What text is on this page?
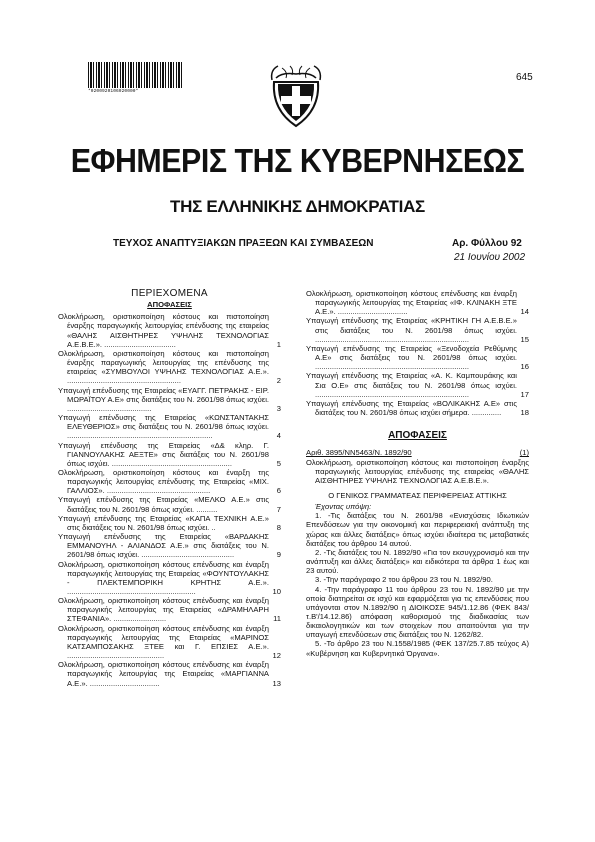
*0200920106020000*
645
ΕΦΗΜΕΡΙΣ ΤΗΣ ΚΥΒΕΡΝΗΣΕΩΣ
ΤΗΣ ΕΛΛΗΝΙΚΗΣ ΔΗΜΟΚΡΑΤΙΑΣ
ΤΕΥΧΟΣ ΑΝΑΠΤΥΞΙΑΚΩΝ ΠΡΑΞΕΩΝ ΚΑΙ ΣΥΜΒΑΣΕΩΝ	Αρ. Φύλλου 92
21 Ιουνίου 2002
ΠΕΡΙΕΧΟΜΕΝΑ
ΑΠΟΦΑΣΕΙΣ
Ολοκλήρωση, οριστικοποίηση κόστους και πιστοποίηση έναρξης παραγωγικής λειτουργίας επένδυσης της εταιρείας «ΘΑΛΗΣ ΑΙΣΘΗΤΗΡΕΣ ΥΨΗΛΗΣ ΤΕΧΝΟΛΟΓΙΑΣ Α.Ε.Β.Ε.». ..................................	1
Ολοκλήρωση, οριστικοποίηση κόστους και πιστοποίηση έναρξης παραγωγικής λειτουργίας της επένδυσης της εταιρείας «ΣΥΜΒΟΥΛΟΙ ΥΨΗΛΗΣ ΤΕΧΝΟΛΟΓΙΑΣ Α.Ε.». ......................................................	2
Υπαγωγή επένδυσης της Εταιρείας «ΕΥΑΓΓ. ΠΕΤΡΑΚΗΣ - ΕΙΡ. ΜΩΡΑΪΤΟΥ Α.Ε» στις διατάξεις του Ν. 2601/98 όπως ισχύει. ........................................	3
Υπαγωγή επένδυσης της Εταιρείας «ΚΩΝΣΤΑΝΤΑΚΗΣ ΕΛΕΥΘΕΡΙΟΣ» στις διατάξεις του Ν. 2601/98 όπως ισχύει. .....................................................................	4
Υπαγωγή επένδυσης της Εταιρείας «Δ& κληρ. Γ. ΓΙΑΝΝΟΥΛΑΚΗΣ ΑΕΞΤΕ» στις διατάξεις του Ν. 2601/98 όπως ισχύει. .........................................................	5
Ολοκλήρωση, οριστικοποίηση κόστους και έναρξη της παραγωγικής λειτουργίας επένδυσης της Εταιρείας «ΜΙΧ. ΓΑΛΛΙΟΣ». .................................................	6
Υπαγωγή επένδυσης της Εταιρείας «ΜΕΛΚΟ Α.Ε.» στις διατάξεις του Ν. 2601/98 όπως ισχύει. ..........	7
Υπαγωγή επένδυσης της Εταιρείας «ΚΑΠΑ ΤΕΧΝΙΚΗ Α.Ε.» στις διατάξεις του Ν. 2601/98 όπως ισχύει. ..	8
Υπαγωγή επένδυσης της Εταιρείας «ΒΑΡΔΑΚΗΣ ΕΜΜΑΝΟΥΗΛ - ΑΛΙΑΝΔΟΣ Α.Ε.» στις διατάξεις του Ν. 2601/98 όπως ισχύει. ............................................	9
Ολοκλήρωση, οριστικοποίηση κόστους επένδυσης και έναρξη παραγωγικής λειτουργίας της Εταιρείας «ΦΟΥΝΤΟΥΛΑΚΗΣ - ΠΛΕΚΤΕΜΠΟΡΙΚΗ ΚΡΗΤΗΣ Α.Ε.». .............................................................	10
Ολοκλήρωση, οριστικοποίηση κόστους επένδυσης και έναρξη παραγωγικής λειτουργίας της Εταιρείας «ΔΡΑΜΗΛΑΡΗ ΣΤΕΦΑΝΙΑ». .........................	11
Ολοκλήρωση, οριστικοποίηση κόστους επένδυσης και έναρξη παραγωγικής λειτουργίας της Εταιρείας «ΜΑΡΙΝΟΣ ΚΑΤΣΑΜΠΟΣΑΚΗΣ ΞΤΕΕ και Γ. ΕΠΣΙΕΣ Α.Ε.». ..............................................	12
Ολοκλήρωση, οριστικοποίηση κόστους επένδυσης και έναρξη παραγωγικής λειτουργίας της Εταιρείας «ΜΑΡΓΙΑΝΝΑ Α.Ε.». .................................	13
Ολοκλήρωση, οριστικοποίηση κόστους επένδυσης και έναρξη παραγωγικής λειτουργίας της Εταιρείας «ΙΦ. ΚΛΙΝΑΚΗ ΞΤΕ Α.Ε.». .................................	14
Υπαγωγή επένδυσης της Εταιρείας «ΚΡΗΤΙΚΗ ΓΗ Α.Ε.Β.Ε.» στις διατάξεις του Ν. 2601/98 όπως ισχύει. .........................................................................	15
Υπαγωγή επένδυσης της Εταιρείας «Ξενοδοχεία Ρεθύμνης Α.Ε» στις διατάξεις του Ν. 2601/98 όπως ισχύει. .........................................................................	16
Υπαγωγή επένδυσης της Εταιρείας «Α. Κ. Καμπουράκης και Σια Ο.Ε» στις διατάξεις του Ν. 2601/98 όπως ισχύει. .........................................................................	17
Υπαγωγή επένδυσης της Εταιρείας «ΒΟΛΙΚΑΚΗΣ Α.Ε» στις διατάξεις του Ν. 2601/98 όπως ισχύει σήμερα. ..............	18
ΑΠΟΦΑΣΕΙΣ
Αριθ. 3895/ΝΝ5463/Ν. 1892/90	(1)
Ολοκλήρωση, οριστικοποίηση κόστους και πιστοποίηση έναρξης παραγωγικής λειτουργίας επένδυσης της εταιρείας «ΘΑΛΗΣ ΑΙΣΘΗΤΗΡΕΣ ΥΨΗΛΗΣ ΤΕΧΝΟΛΟΓΙΑΣ Α.Ε.Β.Ε.».
Ο ΓΕΝΙΚΟΣ ΓΡΑΜΜΑΤΕΑΣ ΠΕΡΙΦΕΡΕΙΑΣ ΑΤΤΙΚΗΣ
Έχοντας υπόψη:
1. -Τις διατάξεις του Ν. 2601/98 «Ενισχύσεις Ιδιωτικών Επενδύσεων για την οικονομική και περιφερειακή ανάπτυξη της χώρας και άλλες διατάξεις» όπως ισχύει ιδιαίτερα τις μεταβατικές διατάξεις του άρθρου 14 αυτού.
2. -Τις διατάξεις του Ν. 1892/90 «Για τον εκσυγχρονισμό και την ανάπτυξη και άλλες διατάξεις» και ειδικότερα τα άρθρα 1 έως και 23 αυτού.
3. -Την παράγραφο 2 του άρθρου 23 του Ν. 1892/90.
4. -Την παράγραφο 11 του άρθρου 23 του Ν. 1892/90 με την οποία διατηρείται σε ισχύ και εφαρμόζεται για τις επενδύσεις που υπάγονται στον Ν.1892/90 η ΔΙΟΙΚΟΣΕ 945/1.12.86 (ΦΕΚ 843/τ.Β'/14.12.86) απόφαση καθορισμού της διαδικασίας των δικαιολογητικών και των στοιχείων που απαιτούνται για την υπαγωγή επενδύσεων στις διατάξεις του Ν. 1262/82.
5. -Το άρθρο 23 του Ν.1558/1985 (ΦΕΚ 137/25.7.85 τεύχος Α) «Κυβέρνηση και Κυβερνητικά Όργανα».
